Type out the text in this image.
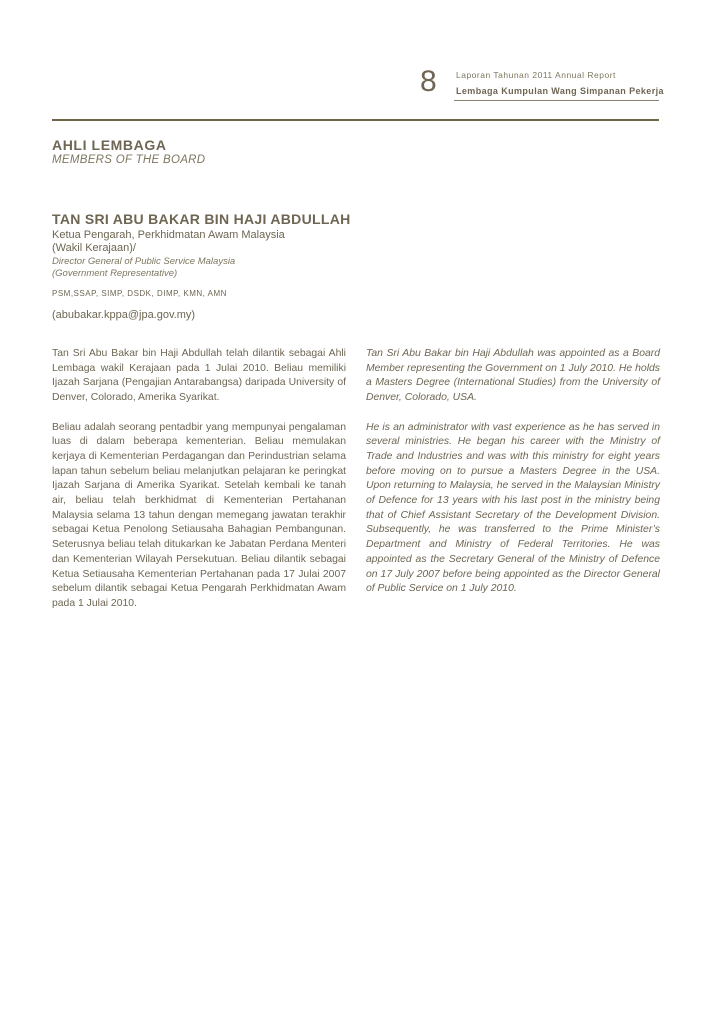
8 Laporan Tahunan 2011 Annual Report
Lembaga Kumpulan Wang Simpanan Pekerja
AHLI LEMBAGA
MEMBERS OF THE BOARD
TAN SRI ABU BAKAR BIN HAJI ABDULLAH
Ketua Pengarah, Perkhidmatan Awam Malaysia
(Wakil Kerajaan)/
Director General of Public Service Malaysia
(Government Representative)
PSM,SSAP, SIMP, DSDK, DIMP, KMN, AMN
(abubakar.kppa@jpa.gov.my)

Tan Sri Abu Bakar bin Haji Abdullah telah dilantik sebagai Ahli Lembaga wakil Kerajaan pada 1 Julai 2010. Beliau memiliki Ijazah Sarjana (Pengajian Antarabangsa) daripada University of Denver, Colorado, Amerika Syarikat.

Beliau adalah seorang pentadbir yang mempunyai pengalaman luas di dalam beberapa kementerian. Beliau memulakan kerjaya di Kementerian Perdagangan dan Perindustrian selama lapan tahun sebelum beliau melanjutkan pelajaran ke peringkat Ijazah Sarjana di Amerika Syarikat. Setelah kembali ke tanah air, beliau telah berkhidmat di Kementerian Pertahanan Malaysia selama 13 tahun dengan memegang jawatan terakhir sebagai Ketua Penolong Setiausaha Bahagian Pembangunan. Seterusnya beliau telah ditukarkan ke Jabatan Perdana Menteri dan Kementerian Wilayah Persekutuan. Beliau dilantik sebagai Ketua Setiausaha Kementerian Pertahanan pada 17 Julai 2007 sebelum dilantik sebagai Ketua Pengarah Perkhidmatan Awam pada 1 Julai 2010.

Tan Sri Abu Bakar bin Haji Abdullah was appointed as a Board Member representing the Government on 1 July 2010. He holds a Masters Degree (International Studies) from the University of Denver, Colorado, USA.

He is an administrator with vast experience as he has served in several ministries. He began his career with the Ministry of Trade and Industries and was with this ministry for eight years before moving on to pursue a Masters Degree in the USA. Upon returning to Malaysia, he served in the Malaysian Ministry of Defence for 13 years with his last post in the ministry being that of Chief Assistant Secretary of the Development Division. Subsequently, he was transferred to the Prime Minister’s Department and Ministry of Federal Territories. He was appointed as the Secretary General of the Ministry of Defence on 17 July 2007 before being appointed as the Director General of Public Service on 1 July 2010.
